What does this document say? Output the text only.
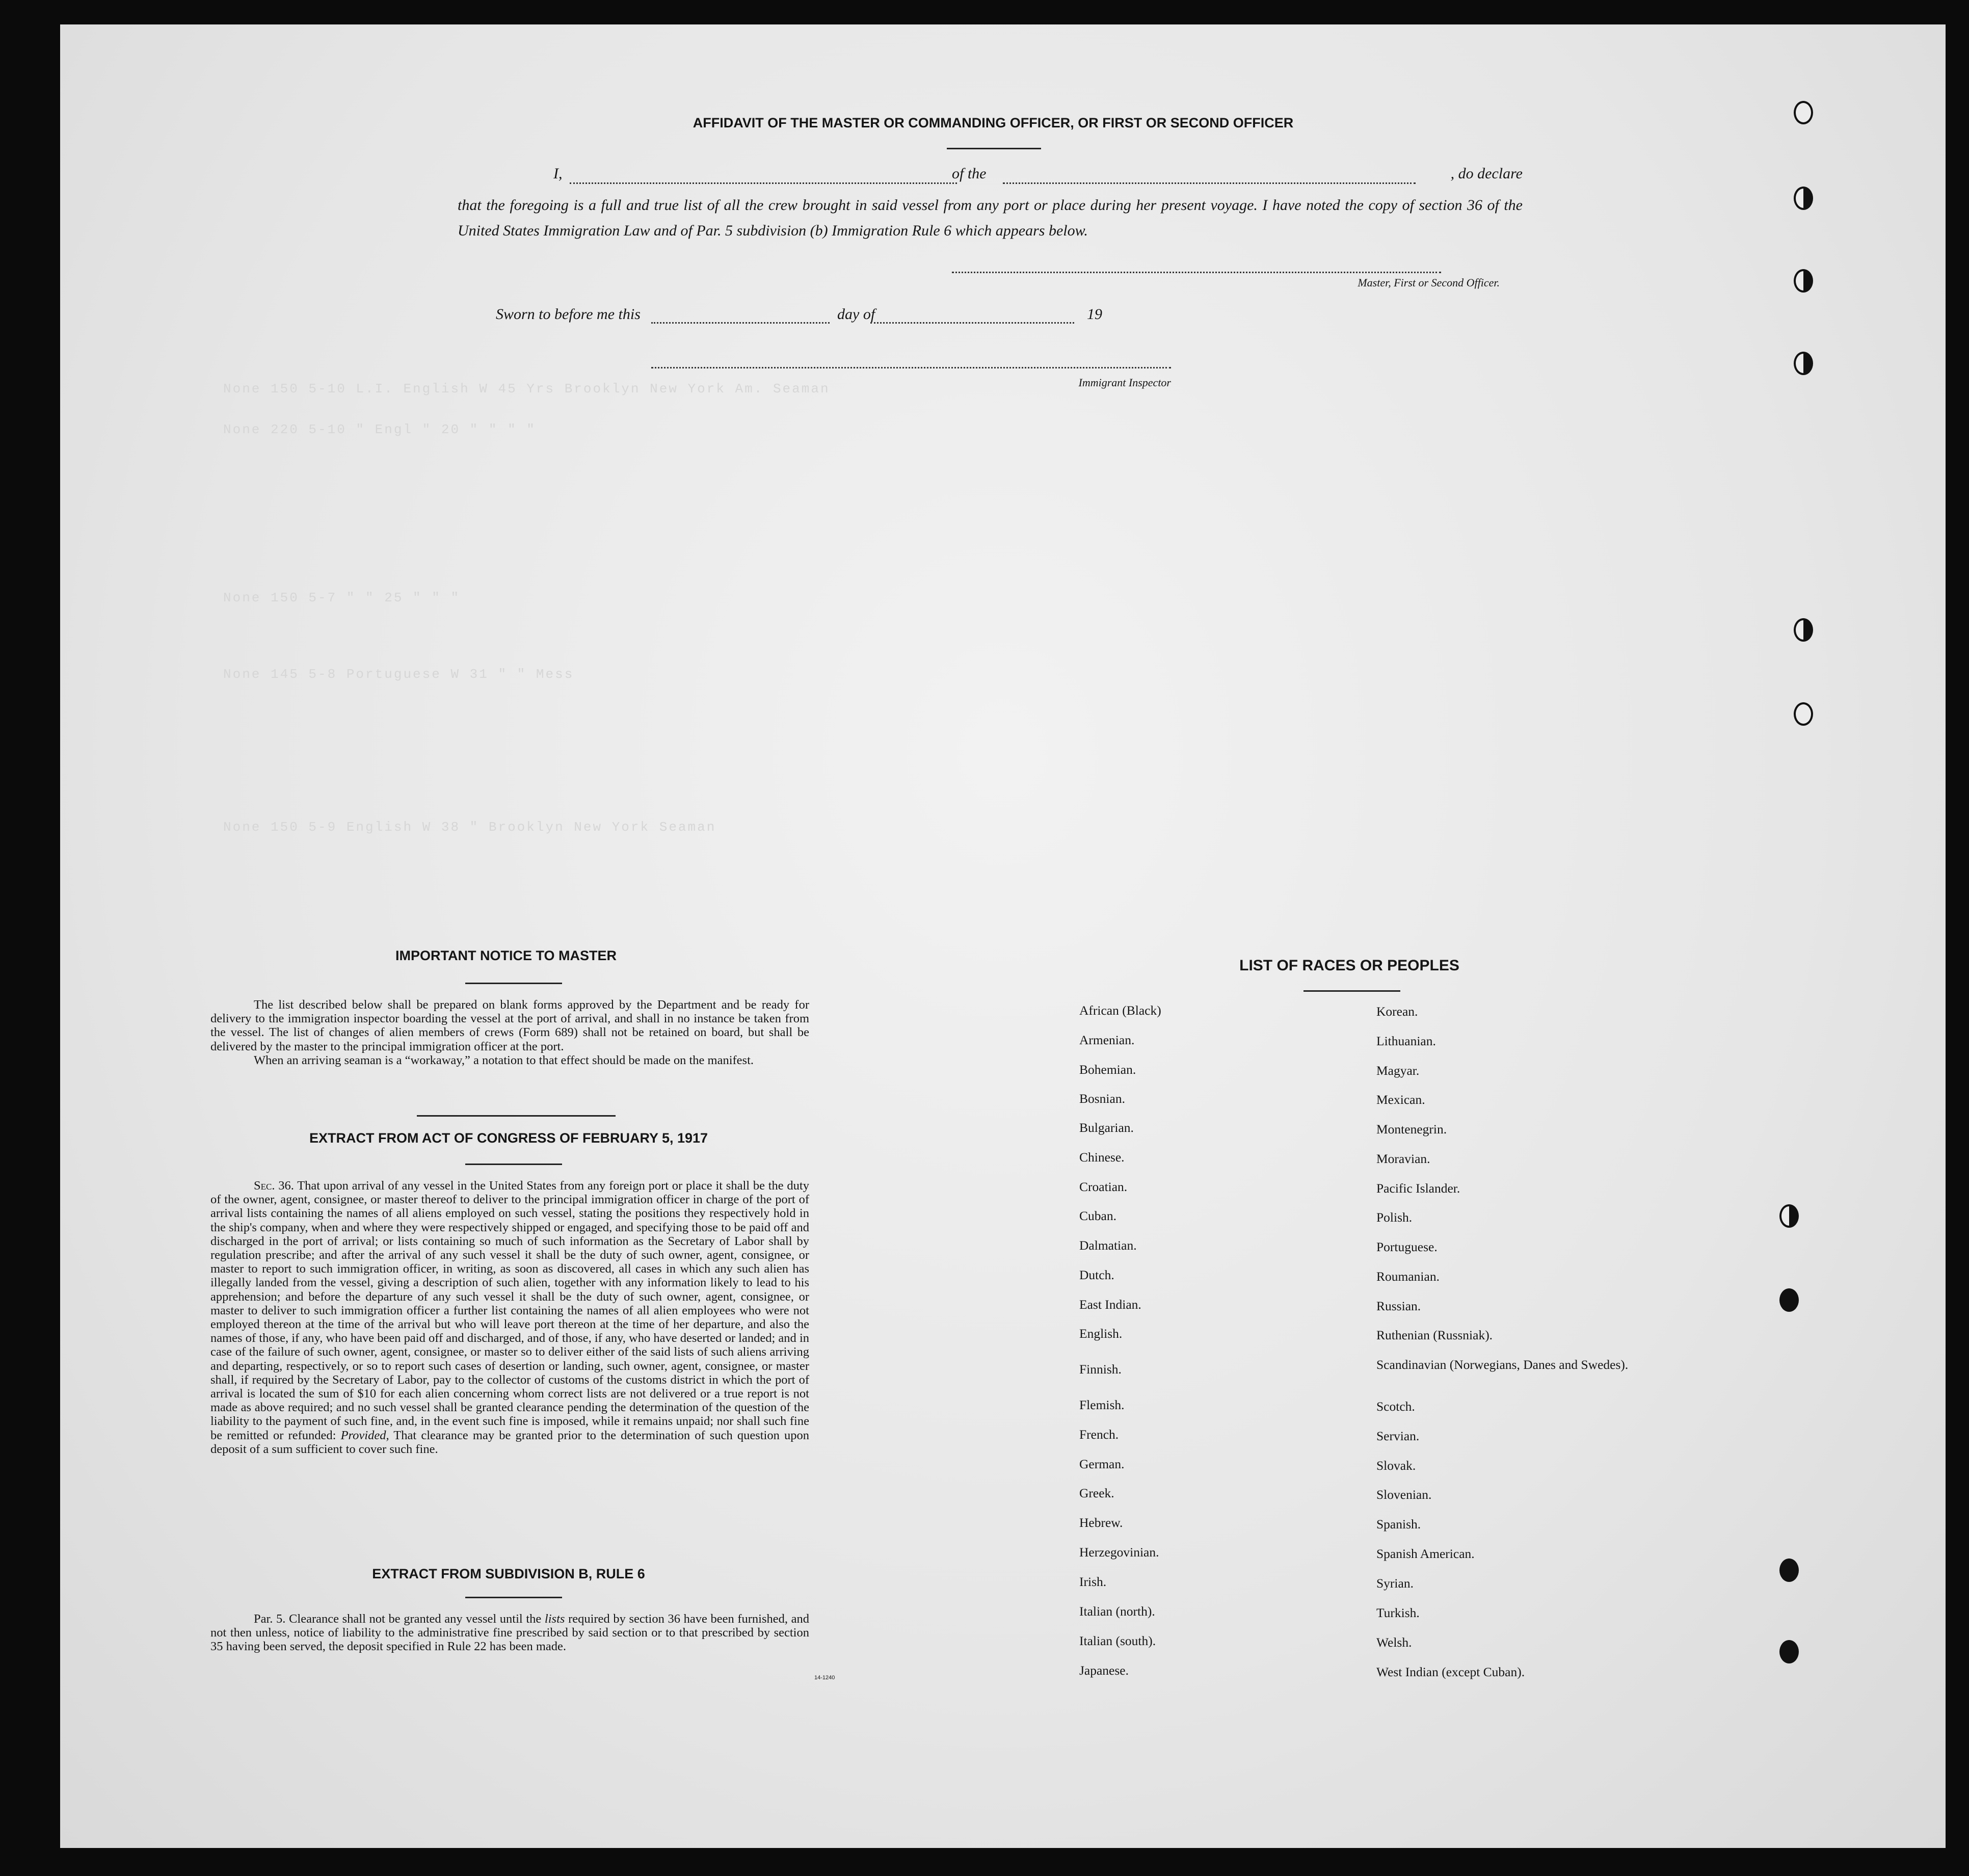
None 150 5-10 L.I. English W 45 Yrs Brooklyn New York Am. Seaman
None 220 5-10 " Engl " 20 " " " "
None 150 5-7 " " 25 " " "
None 145 5-8 Portuguese W 31 " " Mess
None 150 5-9 English W 38 " Brooklyn New York Seaman
AFFIDAVIT OF THE MASTER OR COMMANDING OFFICER, OR FIRST OR SECOND OFFICER
I,	of the	, do declare
that the foregoing is a full and true list of all the crew brought in said vessel from any port or place during her present voyage. I have noted the copy of section 36 of the United States Immigration Law and of Par. 5 subdivision (b) Immigration Rule 6 which appears below.
Master, First or Second Officer.
Sworn to before me this	day of	19
Immigrant Inspector
IMPORTANT NOTICE TO MASTER

The list described below shall be prepared on blank forms approved by the Department and be ready for delivery to the immigration inspector boarding the vessel at the port of arrival, and shall in no instance be taken from the vessel. The list of changes of alien members of crews (Form 689) shall not be retained on board, but shall be delivered by the master to the principal immigration officer at the port.

When an arriving seaman is a “workaway,” a notation to that effect should be made on the manifest.

EXTRACT FROM ACT OF CONGRESS OF FEBRUARY 5, 1917

Sec. 36. That upon arrival of any vessel in the United States from any foreign port or place it shall be the duty of the owner, agent, consignee, or master thereof to deliver to the principal immigration officer in charge of the port of arrival lists containing the names of all aliens employed on such vessel, stating the positions they respectively hold in the ship's company, when and where they were respectively shipped or engaged, and specifying those to be paid off and discharged in the port of arrival; or lists containing so much of such information as the Secretary of Labor shall by regulation prescribe; and after the arrival of any such vessel it shall be the duty of such owner, agent, consignee, or master to report to such immigration officer, in writing, as soon as discovered, all cases in which any such alien has illegally landed from the vessel, giving a description of such alien, together with any information likely to lead to his apprehension; and before the departure of any such vessel it shall be the duty of such owner, agent, consignee, or master to deliver to such immigration officer a further list containing the names of all alien employees who were not employed thereon at the time of the arrival but who will leave port thereon at the time of her departure, and also the names of those, if any, who have been paid off and discharged, and of those, if any, who have deserted or landed; and in case of the failure of such owner, agent, consignee, or master so to deliver either of the said lists of such aliens arriving and departing, respectively, or so to report such cases of desertion or landing, such owner, agent, consignee, or master shall, if required by the Secretary of Labor, pay to the collector of customs of the customs district in which the port of arrival is located the sum of $10 for each alien concerning whom correct lists are not delivered or a true report is not made as above required; and no such vessel shall be granted clearance pending the determination of the question of the liability to the payment of such fine, and, in the event such fine is imposed, while it remains unpaid; nor shall such fine be remitted or refunded: Provided, That clearance may be granted prior to the determination of such question upon deposit of a sum sufficient to cover such fine.

EXTRACT FROM SUBDIVISION B, RULE 6

Par. 5. Clearance shall not be granted any vessel until the lists required by section 36 have been furnished, and not then unless, notice of liability to the administrative fine prescribed by said section or to that prescribed by section 35 having been served, the deposit specified in Rule 22 has been made.

14-1240
LIST OF RACES OR PEOPLES
African (Black)
Armenian.
Bohemian.
Bosnian.
Bulgarian.
Chinese.
Croatian.
Cuban.
Dalmatian.
Dutch.
East Indian.
English.
Finnish.
Flemish.
French.
German.
Greek.
Hebrew.
Herzegovinian.
Irish.
Italian (north).
Italian (south).
Japanese.
Korean.
Lithuanian.
Magyar.
Mexican.
Montenegrin.
Moravian.
Pacific Islander.
Polish.
Portuguese.
Roumanian.
Russian.
Ruthenian (Russniak).
Scandinavian (Norwegians, Danes and Swedes).
Scotch.
Servian.
Slovak.
Slovenian.
Spanish.
Spanish American.
Syrian.
Turkish.
Welsh.
West Indian (except Cuban).
